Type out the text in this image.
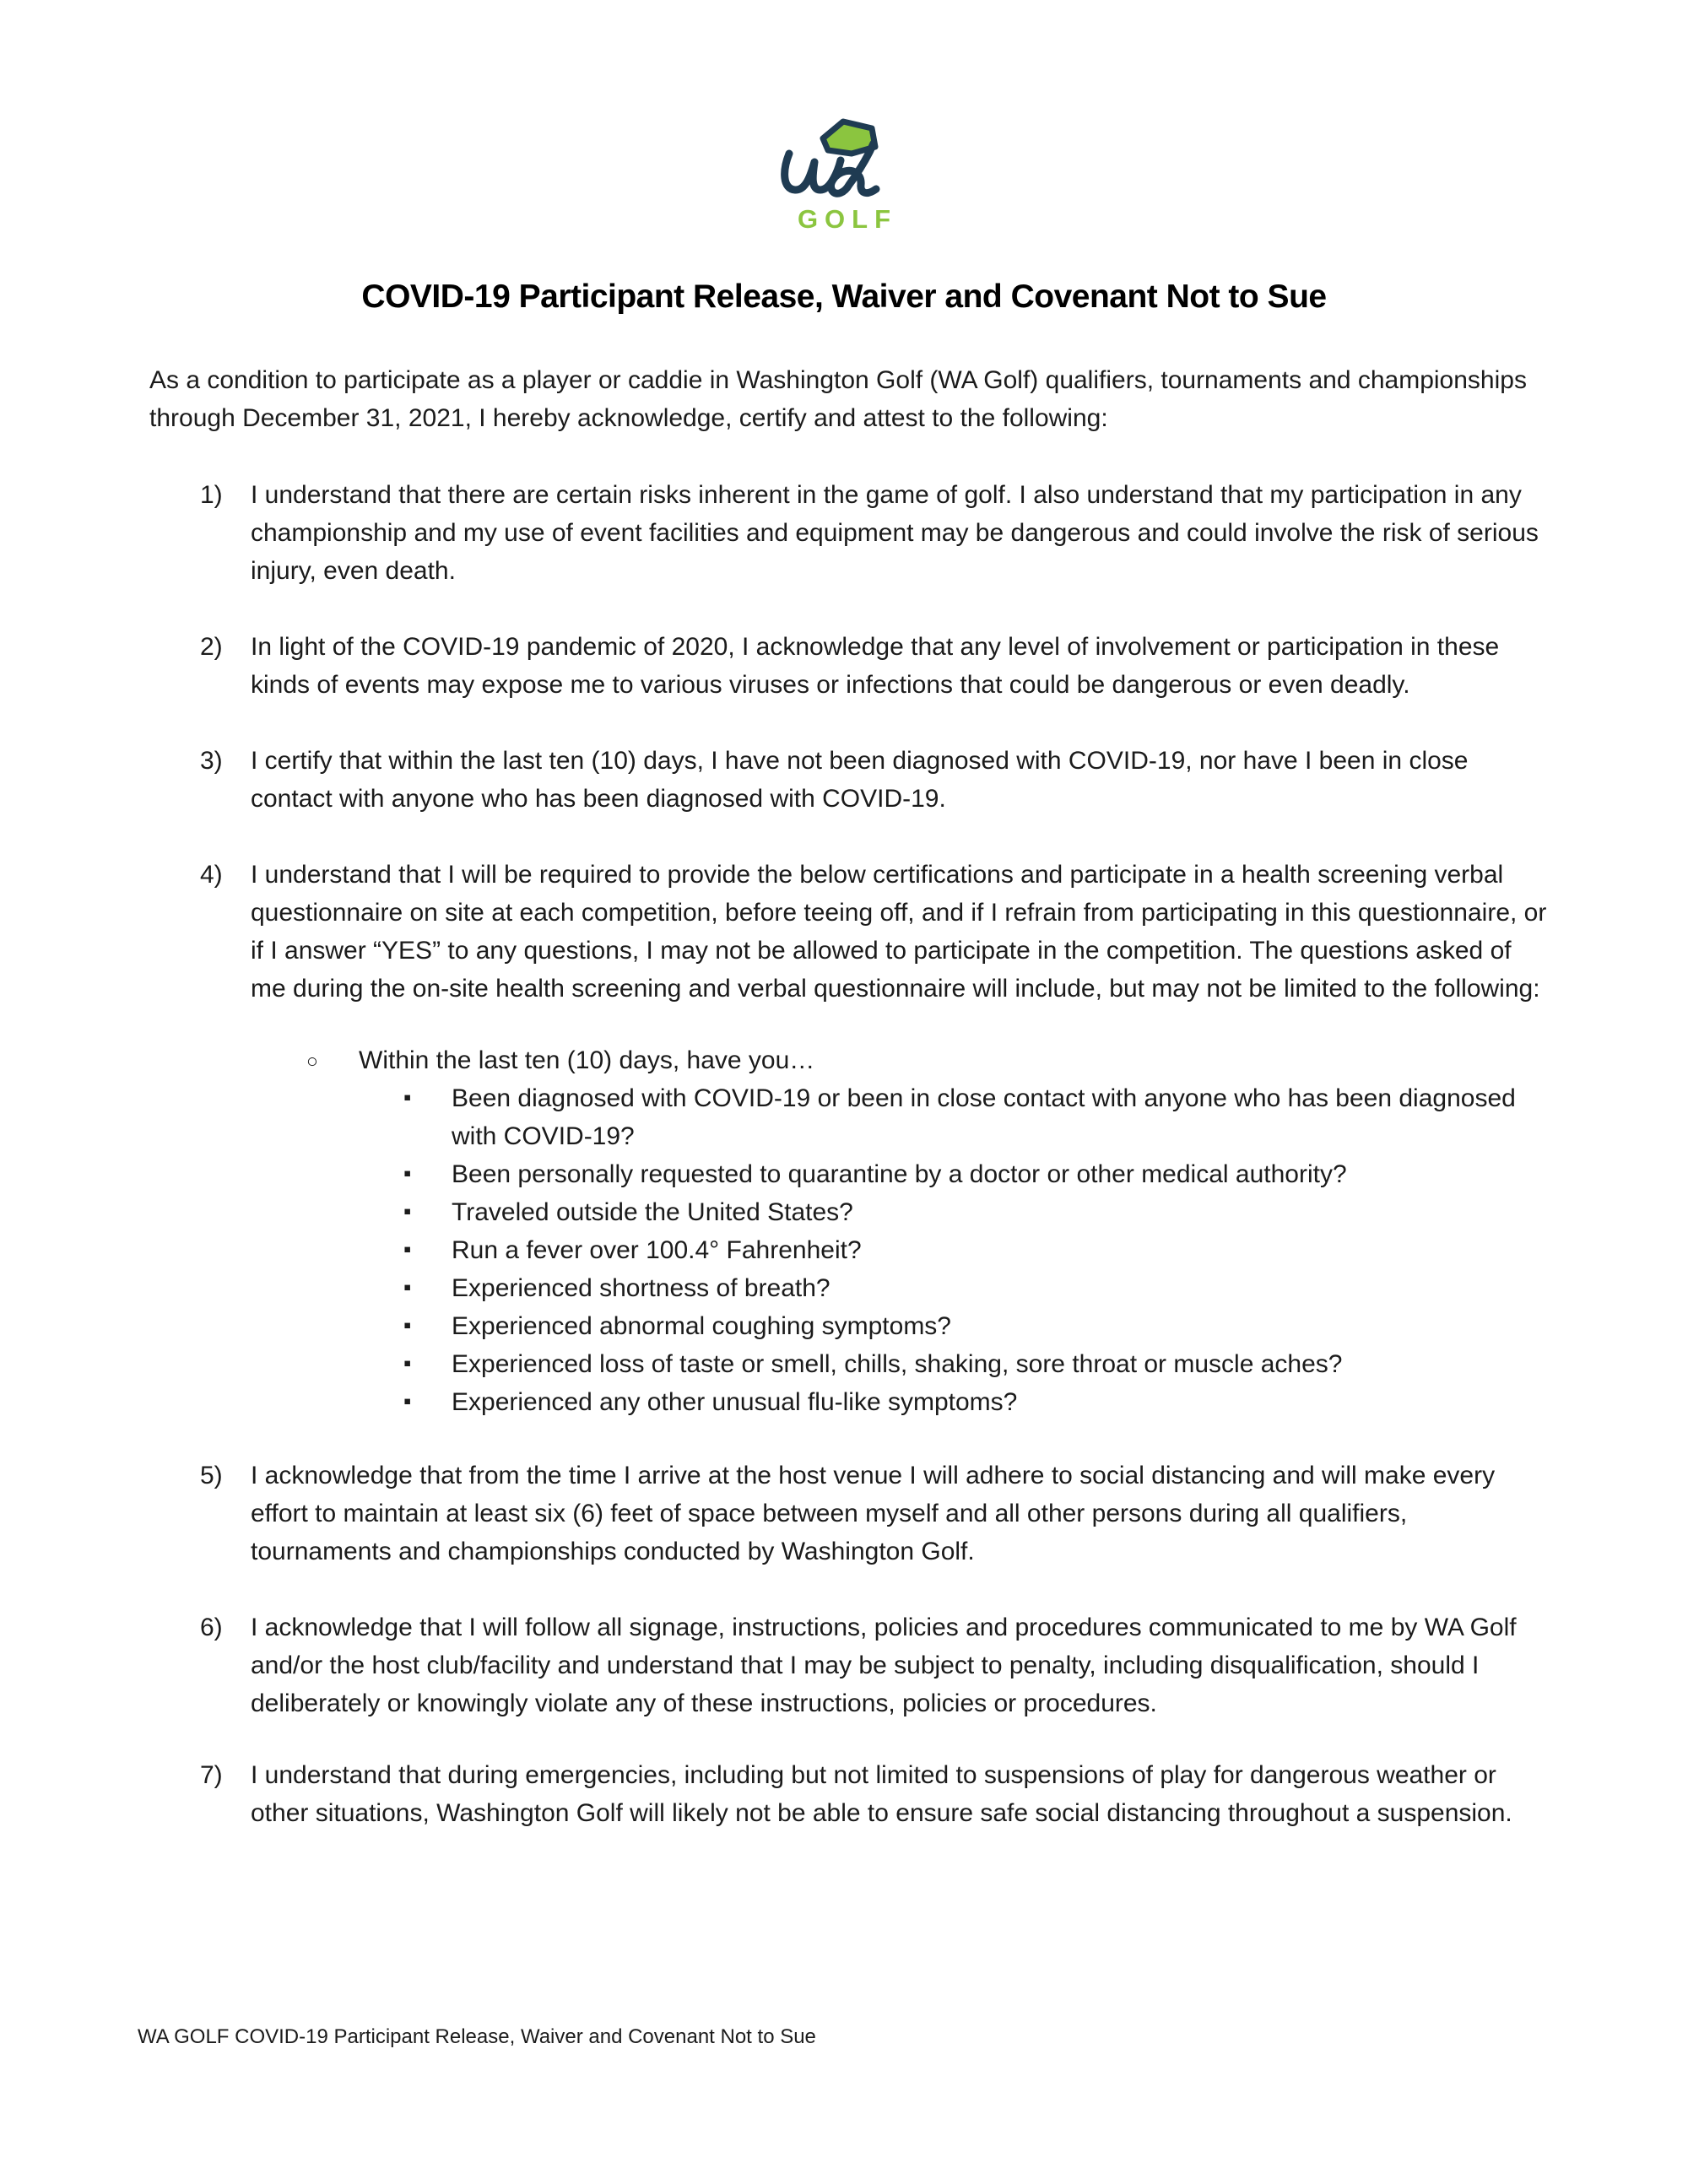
GOLF
COVID-19 Participant Release, Waiver and Covenant Not to Sue

As a condition to participate as a player or caddie in Washington Golf (WA Golf) qualifiers, tournaments and championships through December 31, 2021, I hereby acknowledge, certify and attest to the following:

1) I understand that there are certain risks inherent in the game of golf. I also understand that my participation in any championship and my use of event facilities and equipment may be dangerous and could involve the risk of serious injury, even death.

2) In light of the COVID-19 pandemic of 2020, I acknowledge that any level of involvement or participation in these kinds of events may expose me to various viruses or infections that could be dangerous or even deadly.

3) I certify that within the last ten (10) days, I have not been diagnosed with COVID-19, nor have I been in close contact with anyone who has been diagnosed with COVID-19.

4) I understand that I will be required to provide the below certifications and participate in a health screening verbal questionnaire on site at each competition, before teeing off, and if I refrain from participating in this questionnaire, or if I answer “YES” to any questions, I may not be allowed to participate in the competition. The questions asked of me during the on-site health screening and verbal questionnaire will include, but may not be limited to the following:

○ Within the last ten (10) days, have you…
▪ Been diagnosed with COVID-19 or been in close contact with anyone who has been diagnosed with COVID-19?
▪ Been personally requested to quarantine by a doctor or other medical authority?
▪ Traveled outside the United States?
▪ Run a fever over 100.4° Fahrenheit?
▪ Experienced shortness of breath?
▪ Experienced abnormal coughing symptoms?
▪ Experienced loss of taste or smell, chills, shaking, sore throat or muscle aches?
▪ Experienced any other unusual flu-like symptoms?
5) I acknowledge that from the time I arrive at the host venue I will adhere to social distancing and will make every effort to maintain at least six (6) feet of space between myself and all other persons during all qualifiers, tournaments and championships conducted by Washington Golf.

6) I acknowledge that I will follow all signage, instructions, policies and procedures communicated to me by WA Golf and/or the host club/facility and understand that I may be subject to penalty, including disqualification, should I deliberately or knowingly violate any of these instructions, policies or procedures.

7) I understand that during emergencies, including but not limited to suspensions of play for dangerous weather or other situations, Washington Golf will likely not be able to ensure safe social distancing throughout a suspension.

WA GOLF COVID-19 Participant Release, Waiver and Covenant Not to Sue
